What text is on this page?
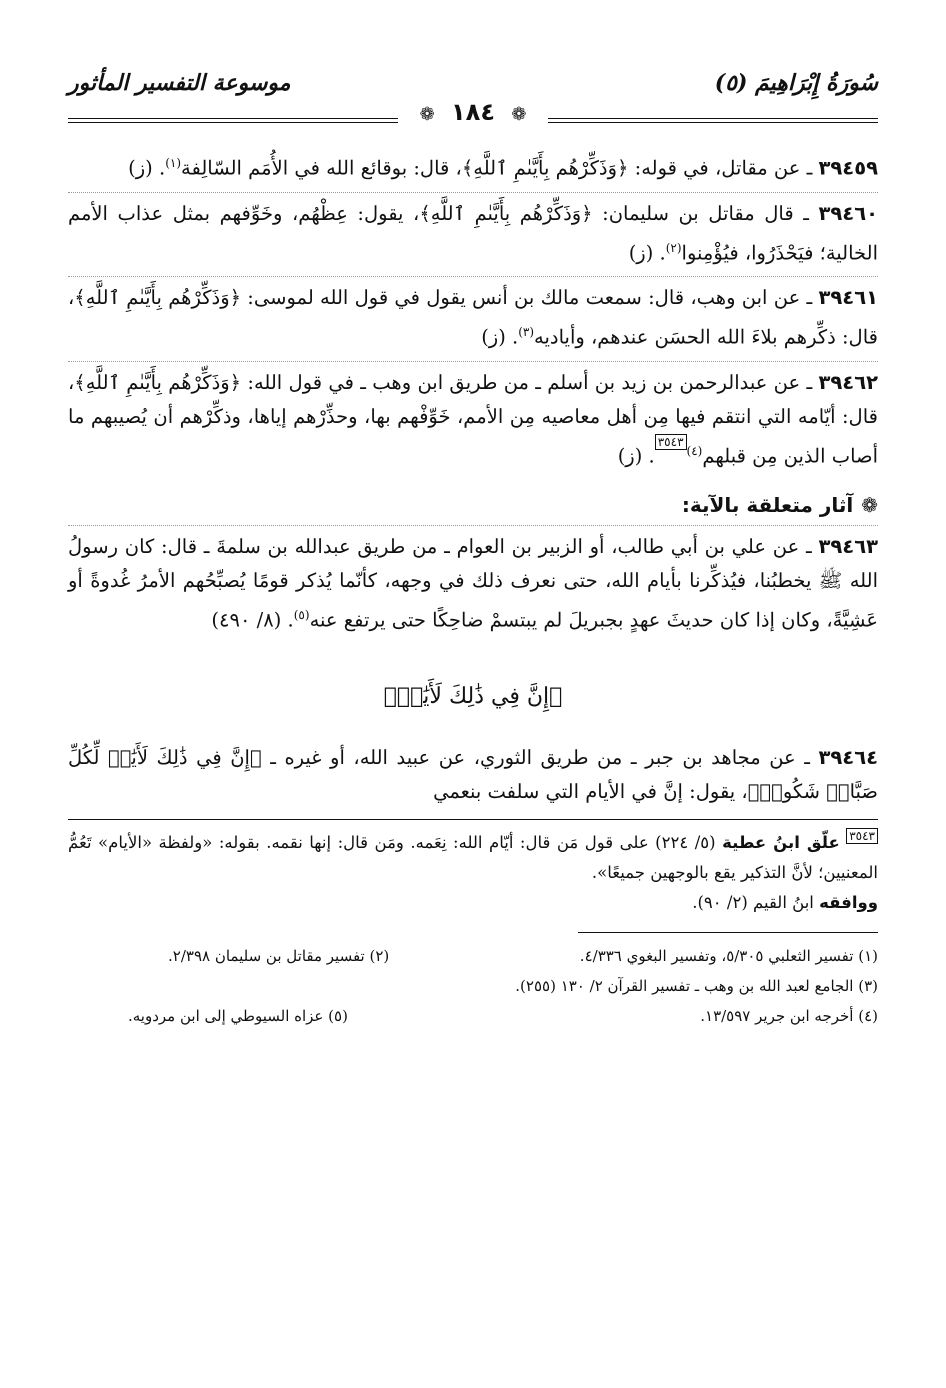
سُورَةُ إِبْرَاهِيمَ (٥)
موسوعة التفسير المأثور
❁ ١٨٤ ❁

٣٩٤٥٩ ـ عن مقاتل، في قوله: ﴿وَذَكِّرْهُم بِأَيَّىٰمِ ٱللَّهِ﴾، قال: بوقائع الله في الأُمَم السّالِفة$^{(١)}$. (ز)

٣٩٤٦٠ ـ قال مقاتل بن سليمان: ﴿وَذَكِّرْهُم بِأَيَّىٰمِ ٱللَّهِ﴾، يقول: عِظْهُم، وخَوِّفهم بمثل عذاب الأمم الخالية؛ فيَحْذَرُوا، فيُؤْمِنوا$^{(٢)}$. (ز)

٣٩٤٦١ ـ عن ابن وهب، قال: سمعت مالك بن أنس يقول في قول الله لموسى: ﴿وَذَكِّرْهُم بِأَيَّىٰمِ ٱللَّهِ﴾، قال: ذكِّرهم بلاءَ الله الحسَن عندهم، وأياديه$^{(٣)}$. (ز)

٣٩٤٦٢ ـ عن عبدالرحمن بن زيد بن أسلم ـ من طريق ابن وهب ـ في قول الله: ﴿وَذَكِّرْهُم بِأَيَّىٰمِ ٱللَّهِ﴾، قال: أيّامه التي انتقم فيها مِن أهل معاصيه مِن الأمم، خَوِّفْهم بها، وحذِّرْهم إياها، وذكِّرْهم أن يُصيبهم ما أصاب الذين مِن قبلهم$^{(٤)}$٣٥٤٣. (ز)

❁آثار متعلقة بالآية:

٣٩٤٦٣ ـ عن علي بن أبي طالب، أو الزبير بن العوام ـ من طريق عبدالله بن سلمةَ ـ قال: كان رسولُ الله ﷺ يخطبُنا، فيُذكِّرنا بأيام الله، حتى نعرف ذلك في وجهه، كأنّما يُذكر قومًا يُصبِّحُهم الأمرُ غُدوةً أو عَشِيَّةً، وكان إذا كان حديثَ عهدٍ بجبريلَ لم يبتسمْ ضاحِكًا حتى يرتفع عنه$^{(٥)}$. (٨/ ٤٩٠)

﴿إِنَّ فِي ذَٰلِكَ لَأَيَٰتٖ﴾

٣٩٤٦٤ ـ عن مجاهد بن جبر ـ من طريق الثوري، عن عبيد الله، أو غيره ـ ﴿إِنَّ فِي ذَٰلِكَ لَأَيَٰتٖ لِّكُلِّ صَبَّارٖ شَكُورٖ﴾، يقول: إنَّ في الأيام التي سلفت بنعمي

٣٥٤٣ علّق ابنُ عطية (٥/ ٢٢٤) على قول مَن قال: أيّام الله: نِعَمه. ومَن قال: إنها نقمه. بقوله: «ولفظة «الأيام» تَعُمُّ المعنيين؛ لأنَّ التذكير يقع بالوجهين جميعًا».
ووافقه ابنُ القيم (٢/ ٩٠).
(١) تفسير الثعلبي ٥/٣٠٥، وتفسير البغوي ٤/٣٣٦.
(٢) تفسير مقاتل بن سليمان ٢/٣٩٨.
(٣) الجامع لعبد الله بن وهب ـ تفسير القرآن ٢/ ١٣٠ (٢٥٥).
(٤) أخرجه ابن جرير ١٣/٥٩٧.
(٥) عزاه السيوطي إلى ابن مردويه.
